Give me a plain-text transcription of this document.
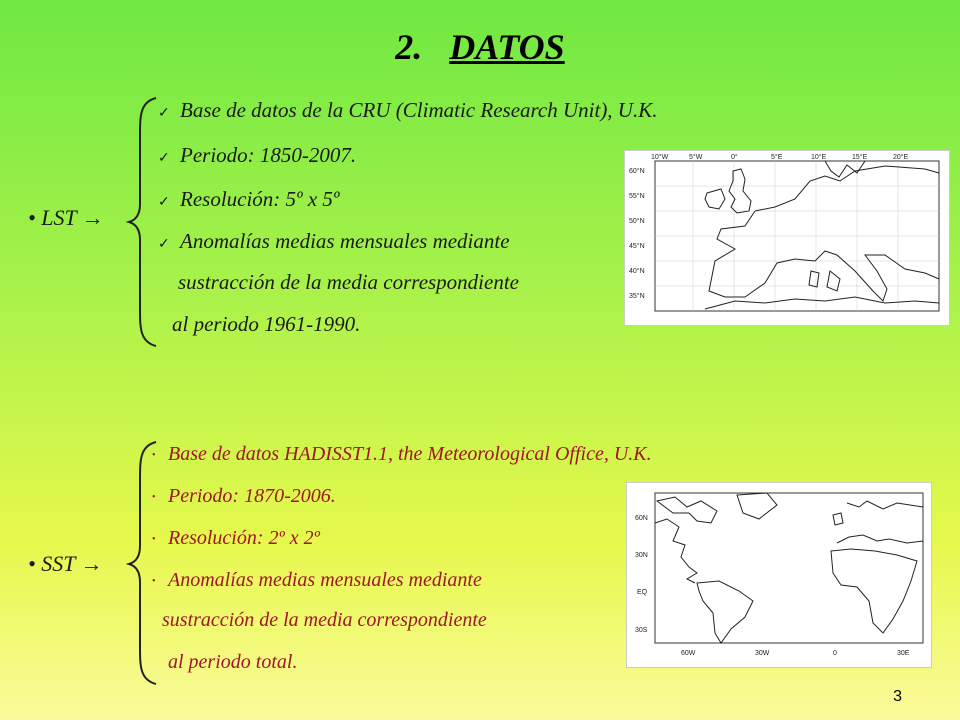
2. DATOS
• LST →
✓ Base de datos de la CRU (Climatic Research Unit), U.K.
✓ Periodo: 1850-2007.
✓ Resolución: 5º x 5º
✓ Anomalías medias mensuales mediante
sustracción de la media correspondiente
al periodo 1961-1990.
10°W	5°W	0°	5°E	10°E	15°E	20°E
60°N
55°N
50°N
45°N
40°N
35°N
• SST →
• Base de datos HADISST1.1, the Meteorological Office, U.K.
• Periodo: 1870-2006.
• Resolución: 2º x 2º
• Anomalías medias mensuales mediante
sustracción de la media correspondiente
al periodo total.	60W	30W	0	30E
60N
30N
EQ
30S
3
